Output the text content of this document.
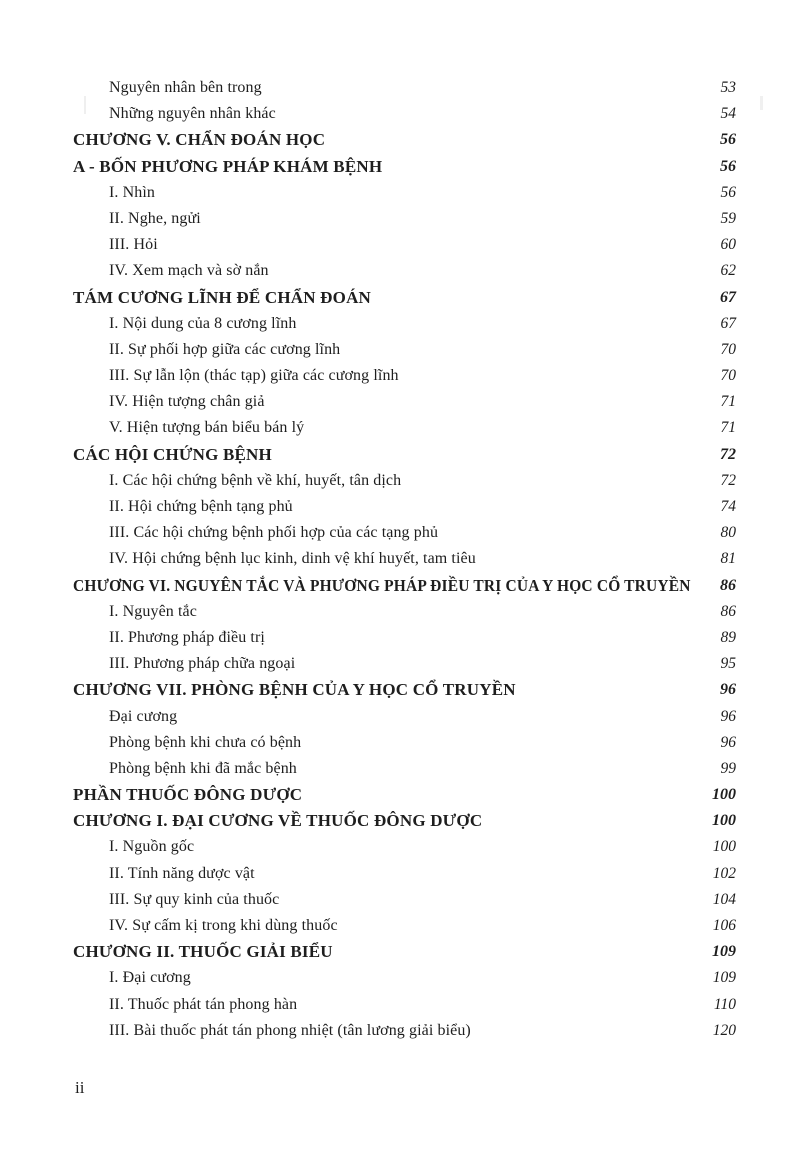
Nguyên nhân bên trong	53
Những nguyên nhân khác	54
CHƯƠNG V. CHẨN ĐOÁN HỌC	56
A - BỐN PHƯƠNG PHÁP KHÁM BỆNH	56
I. Nhìn	56
II. Nghe, ngửi	59
III. Hỏi	60
IV. Xem mạch và sờ nắn	62
TÁM CƯƠNG LĨNH ĐỂ CHẨN ĐOÁN	67
I. Nội dung của 8 cương lĩnh	67
II. Sự phối hợp giữa các cương lĩnh	70
III. Sự lẫn lộn (thác tạp) giữa các cương lĩnh	70
IV. Hiện tượng chân giả	71
V. Hiện tượng bán biểu bán lý	71
CÁC HỘI CHỨNG BỆNH	72
I. Các hội chứng bệnh về khí, huyết, tân dịch	72
II. Hội chứng bệnh tạng phủ	74
III. Các hội chứng bệnh phối hợp của các tạng phủ	80
IV. Hội chứng bệnh lục kinh, dinh vệ khí huyết, tam tiêu	81
CHƯƠNG VI. NGUYÊN TẮC VÀ PHƯƠNG PHÁP ĐIỀU TRỊ CỦA Y HỌC CỔ TRUYỀN 86
I. Nguyên tắc	86
II. Phương pháp điều trị	89
III. Phương pháp chữa ngoại	95
CHƯƠNG VII. PHÒNG BỆNH CỦA Y HỌC CỔ TRUYỀN	96
Đại cương	96
Phòng bệnh khi chưa có bệnh	96
Phòng bệnh khi đã mắc bệnh	99
PHẦN THUỐC ĐÔNG DƯỢC	100
CHƯƠNG I. ĐẠI CƯƠNG VỀ THUỐC ĐÔNG DƯỢC	100
I. Nguồn gốc	100
II. Tính năng dược vật	102
III. Sự quy kinh của thuốc	104
IV. Sự cấm kị trong khi dùng thuốc	106
CHƯƠNG II. THUỐC GIẢI BIỂU	109
I. Đại cương	109
II. Thuốc phát tán phong hàn	110
III. Bài thuốc phát tán phong nhiệt (tân lương giải biểu)	120
ii
